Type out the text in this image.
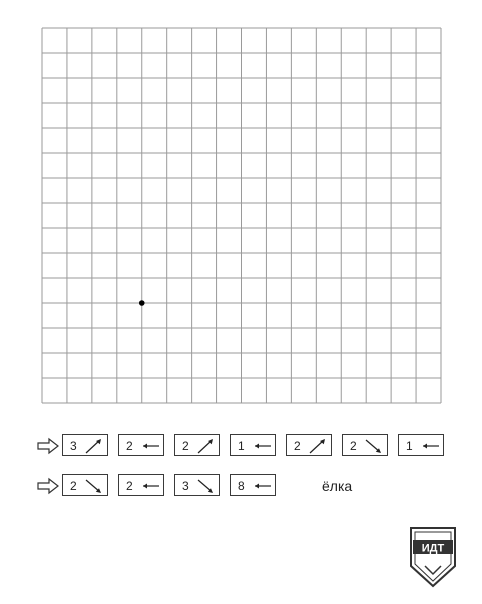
3	2	2	1	2	2	1
2	2	3	8	ёлка
ИДТ
